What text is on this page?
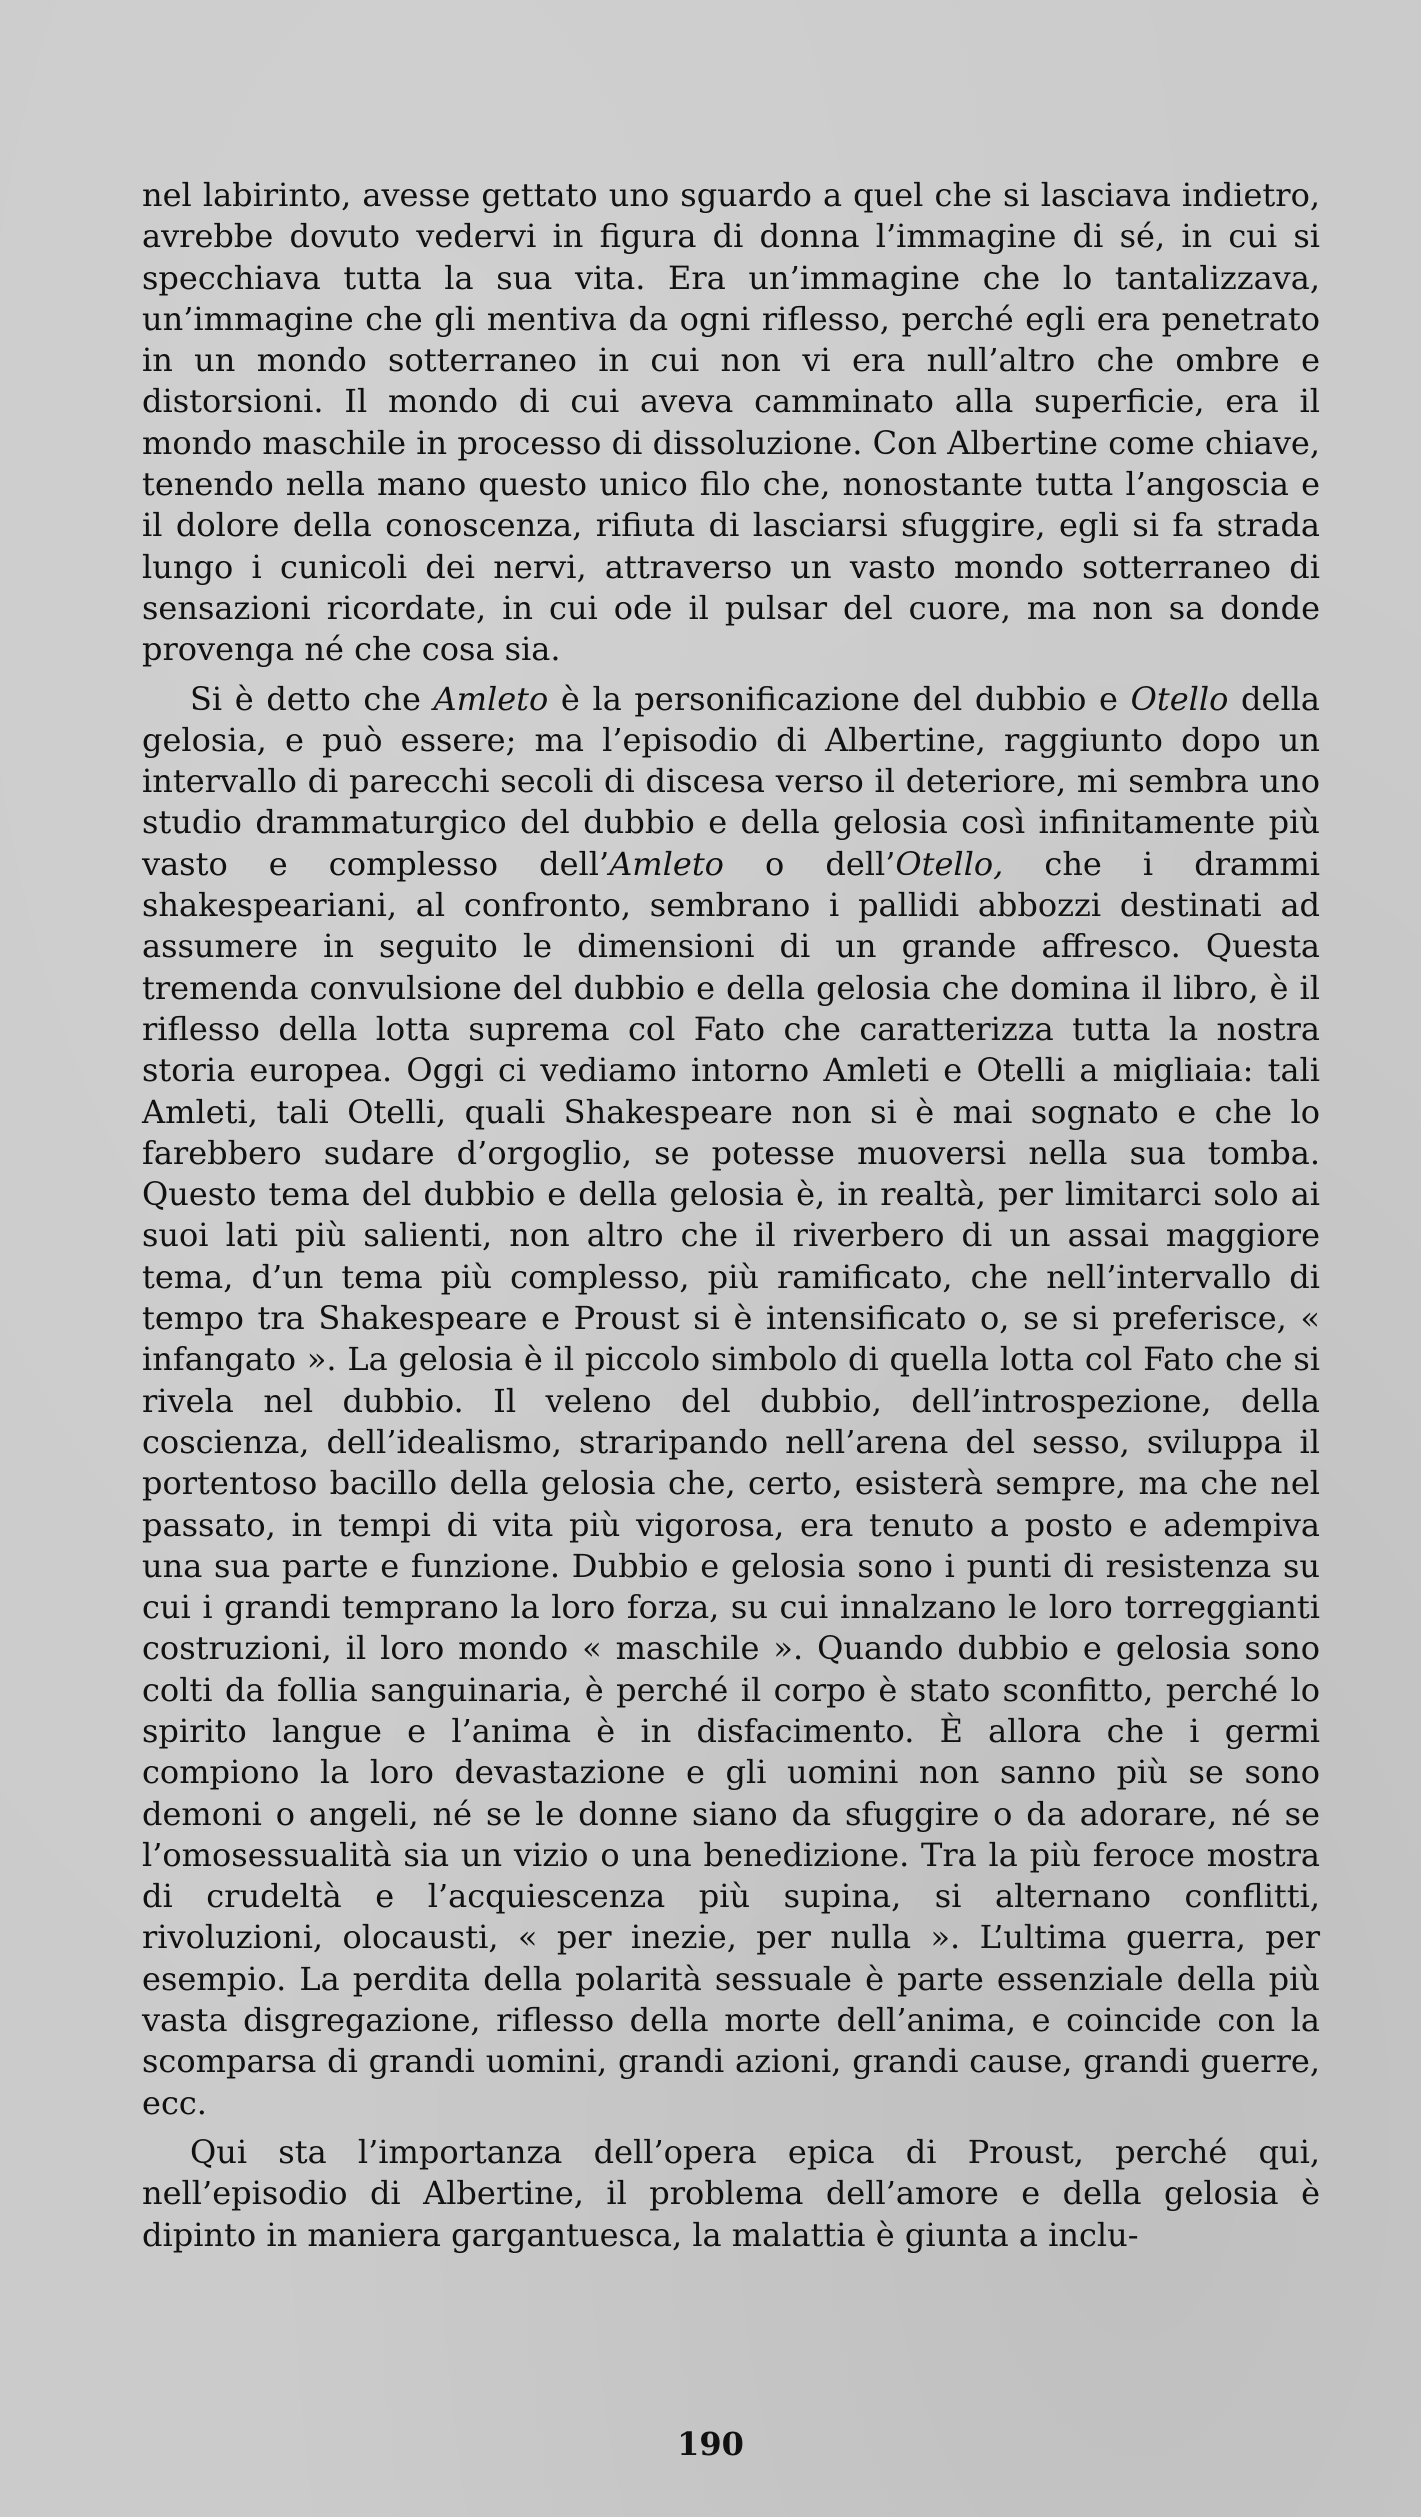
nel labirinto, avesse gettato uno sguardo a quel che si lasciava indietro, avrebbe dovuto vedervi in figura di donna l’immagine di sé, in cui si specchiava tutta la sua vita. Era un’immagine che lo tantalizzava, un’immagine che gli mentiva da ogni riflesso, perché egli era penetrato in un mondo sotterraneo in cui non vi era null’altro che ombre e distorsioni. Il mondo di cui aveva camminato alla superficie, era il mondo maschile in processo di dissoluzione. Con Albertine come chiave, tenendo nella mano questo unico filo che, nonostante tutta l’angoscia e il dolore della conoscenza, rifiuta di lasciarsi sfuggire, egli si fa strada lungo i cunicoli dei nervi, attraverso un vasto mondo sotterraneo di sensazioni ricordate, in cui ode il pulsar del cuore, ma non sa donde provenga né che cosa sia.

Si è detto che Amleto è la personificazione del dubbio e Otello della gelosia, e può essere; ma l’episodio di Albertine, raggiunto dopo un intervallo di parecchi secoli di discesa verso il deteriore, mi sembra uno studio drammaturgico del dubbio e della gelosia così infinitamente più vasto e complesso dell’Amleto o dell’Otello, che i drammi shakespeariani, al confronto, sembrano i pallidi abbozzi destinati ad assumere in seguito le dimensioni di un grande affresco. Questa tremenda convulsione del dubbio e della gelosia che domina il libro, è il riflesso della lotta suprema col Fato che caratterizza tutta la nostra storia europea. Oggi ci vediamo intorno Amleti e Otelli a migliaia: tali Amleti, tali Otelli, quali Shakespeare non si è mai sognato e che lo farebbero sudare d’orgoglio, se potesse muoversi nella sua tomba. Questo tema del dubbio e della gelosia è, in realtà, per limitarci solo ai suoi lati più salienti, non altro che il riverbero di un assai maggiore tema, d’un tema più complesso, più ramificato, che nell’intervallo di tempo tra Shakespeare e Proust si è intensificato o, se si preferisce, « infangato ». La gelosia è il piccolo simbolo di quella lotta col Fato che si rivela nel dubbio. Il veleno del dubbio, dell’introspezione, della coscienza, dell’idealismo, straripando nell’arena del sesso, sviluppa il portentoso bacillo della gelosia che, certo, esisterà sempre, ma che nel passato, in tempi di vita più vigorosa, era tenuto a posto e adempiva una sua parte e funzione. Dubbio e gelosia sono i punti di resistenza su cui i grandi temprano la loro forza, su cui innalzano le loro torreggianti costruzioni, il loro mondo « maschile ». Quando dubbio e gelosia sono colti da follia sanguinaria, è perché il corpo è stato sconfitto, perché lo spirito langue e l’anima è in disfacimento. È allora che i germi compiono la loro devastazione e gli uomini non sanno più se sono demoni o angeli, né se le donne siano da sfuggire o da adorare, né se l’omosessualità sia un vizio o una benedizione. Tra la più feroce mostra di crudeltà e l’acquiescenza più supina, si alternano conflitti, rivoluzioni, olocausti, « per inezie, per nulla ». L’ultima guerra, per esempio. La perdita della polarità sessuale è parte essenziale della più vasta disgregazione, riflesso della morte dell’anima, e coincide con la scomparsa di grandi uomini, grandi azioni, grandi cause, grandi guerre, ecc.

Qui sta l’importanza dell’opera epica di Proust, perché qui, nell’episodio di Albertine, il problema dell’amore e della gelosia è dipinto in maniera gargantuesca, la malattia è giunta a inclu-

190
